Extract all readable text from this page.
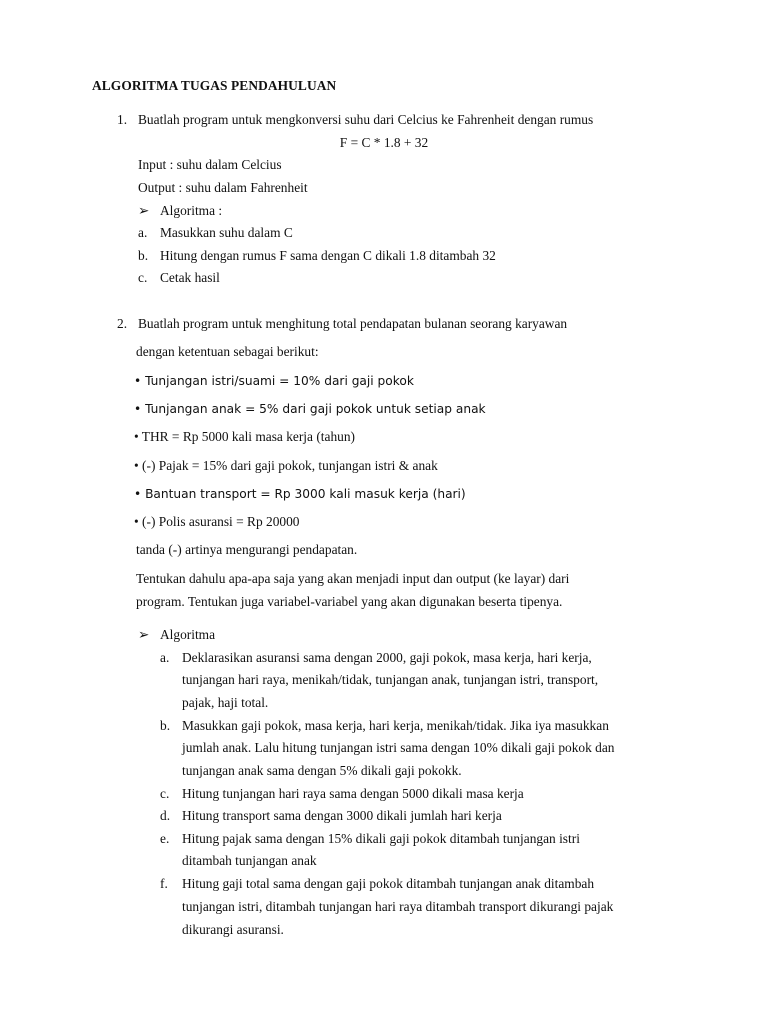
ALGORITMA TUGAS PENDAHULUAN
1. Buatlah program untuk mengkonversi suhu dari Celcius ke Fahrenheit dengan rumus
F = C * 1.8 + 32
Input : suhu dalam Celcius
Output : suhu dalam Fahrenheit
➢ Algoritma :
a. Masukkan suhu dalam C
b. Hitung dengan rumus F sama dengan C dikali 1.8 ditambah 32
c. Cetak hasil
2. Buatlah program untuk menghitung total pendapatan bulanan seorang karyawan
dengan ketentuan sebagai berikut:
• Tunjangan istri/suami = 10% dari gaji pokok
• Tunjangan anak = 5% dari gaji pokok untuk setiap anak
• THR = Rp 5000 kali masa kerja (tahun)
• (-) Pajak = 15% dari gaji pokok, tunjangan istri & anak
• Bantuan transport = Rp 3000 kali masuk kerja (hari)
• (-) Polis asuransi = Rp 20000
tanda (-) artinya mengurangi pendapatan.
Tentukan dahulu apa-apa saja yang akan menjadi input dan output (ke layar) dari
program. Tentukan juga variabel-variabel yang akan digunakan beserta tipenya.
➢ Algoritma
a. Deklarasikan asuransi sama dengan 2000, gaji pokok, masa kerja, hari kerja,
tunjangan hari raya, menikah/tidak, tunjangan anak, tunjangan istri, transport,
pajak, haji total.
b. Masukkan gaji pokok, masa kerja, hari kerja, menikah/tidak. Jika iya masukkan
jumlah anak. Lalu hitung tunjangan istri sama dengan 10% dikali gaji pokok dan
tunjangan anak sama dengan 5% dikali gaji pokokk.
c. Hitung tunjangan hari raya sama dengan 5000 dikali masa kerja
d. Hitung transport sama dengan 3000 dikali jumlah hari kerja
e. Hitung pajak sama dengan 15% dikali gaji pokok ditambah tunjangan istri
ditambah tunjangan anak
f. Hitung gaji total sama dengan gaji pokok ditambah tunjangan anak ditambah
tunjangan istri, ditambah tunjangan hari raya ditambah transport dikurangi pajak
dikurangi asuransi.
